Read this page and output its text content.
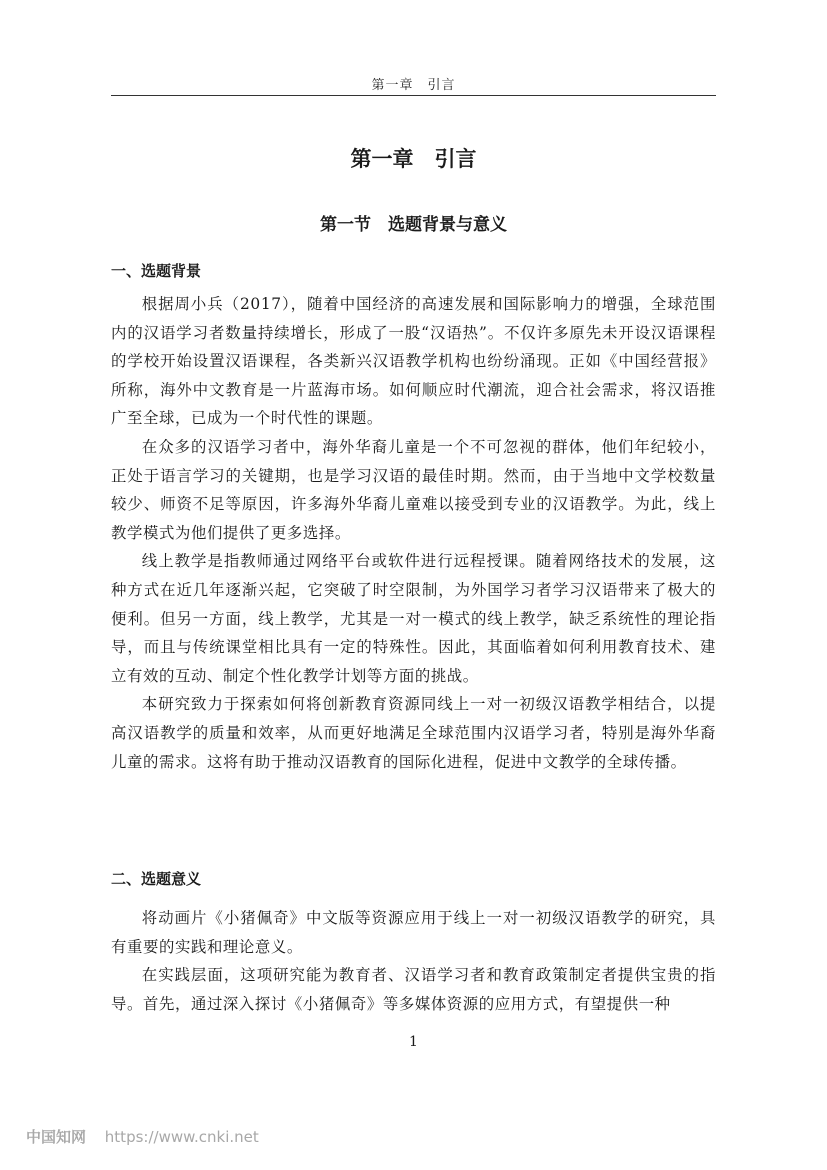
第一章　引言
第一章　引言
第一节　选题背景与意义
一、选题背景

根据周小兵（2017），随着中国经济的高速发展和国际影响力的增强，全球范围内的汉语学习者数量持续增长，形成了一股“汉语热”。不仅许多原先未开设汉语课程的学校开始设置汉语课程，各类新兴汉语教学机构也纷纷涌现。正如《中国经营报》所称，海外中文教育是一片蓝海市场。如何顺应时代潮流，迎合社会需求，将汉语推广至全球，已成为一个时代性的课题。

在众多的汉语学习者中，海外华裔儿童是一个不可忽视的群体，他们年纪较小，正处于语言学习的关键期，也是学习汉语的最佳时期。然而，由于当地中文学校数量较少、师资不足等原因，许多海外华裔儿童难以接受到专业的汉语教学。为此，线上教学模式为他们提供了更多选择。

线上教学是指教师通过网络平台或软件进行远程授课。随着网络技术的发展，这种方式在近几年逐渐兴起，它突破了时空限制，为外国学习者学习汉语带来了极大的便利。但另一方面，线上教学，尤其是一对一模式的线上教学，缺乏系统性的理论指导，而且与传统课堂相比具有一定的特殊性。因此，其面临着如何利用教育技术、建立有效的互动、制定个性化教学计划等方面的挑战。

本研究致力于探索如何将创新教育资源同线上一对一初级汉语教学相结合，以提高汉语教学的质量和效率，从而更好地满足全球范围内汉语学习者，特别是海外华裔儿童的需求。这将有助于推动汉语教育的国际化进程，促进中文教学的全球传播。

二、选题意义

将动画片《小猪佩奇》中文版等资源应用于线上一对一初级汉语教学的研究，具有重要的实践和理论意义。

在实践层面，这项研究能为教育者、汉语学习者和教育政策制定者提供宝贵的指导。首先，通过深入探讨《小猪佩奇》等多媒体资源的应用方式，有望提供一种

1
中国知网 https://www.cnki.net
